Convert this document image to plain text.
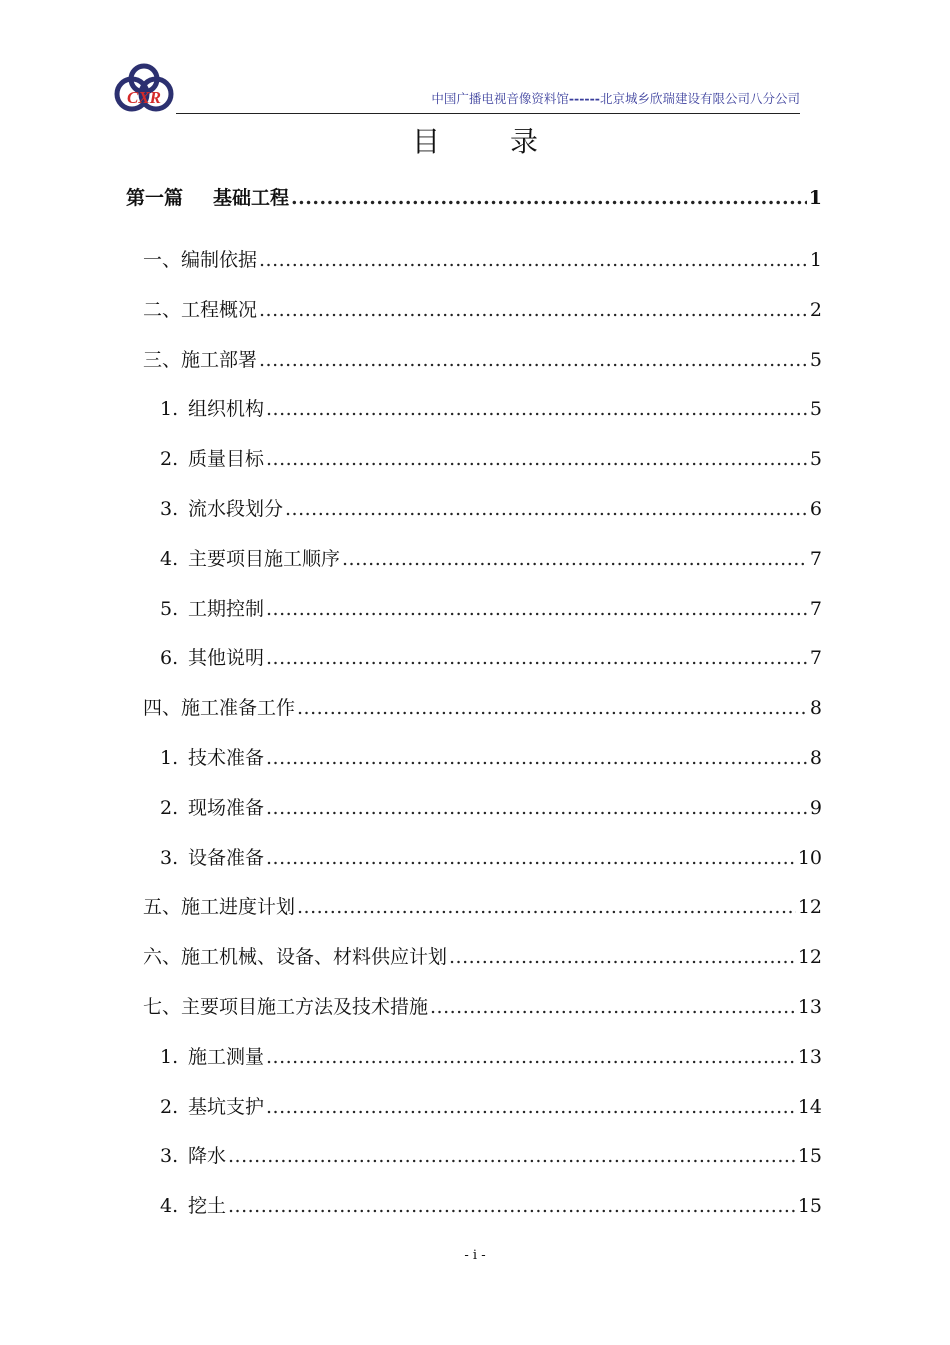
CXR	中国广播电视音像资料馆------北京城乡欣瑞建设有限公司八分公司
目	录
第一篇 基础工程 .....	1
一、编制依据 .....	1
二、工程概况 .....	2
三、施工部署 .....	5
1. 组织机构 .....	5
2. 质量目标 .....	5
3. 流水段划分 .....	6
4. 主要项目施工顺序 .....	7
5. 工期控制 .....	7
6. 其他说明 .....	7
四、施工准备工作 .....	8
1. 技术准备 .....	8
2. 现场准备 .....	9
3. 设备准备 .....	10
五、施工进度计划 .....	12
六、施工机械、设备、材料供应计划 .....	12
七、主要项目施工方法及技术措施 .....	13
1. 施工测量 .....	13
2. 基坑支护 .....	14
3. 降水 .....	15
4. 挖土 .....	15
- i -
